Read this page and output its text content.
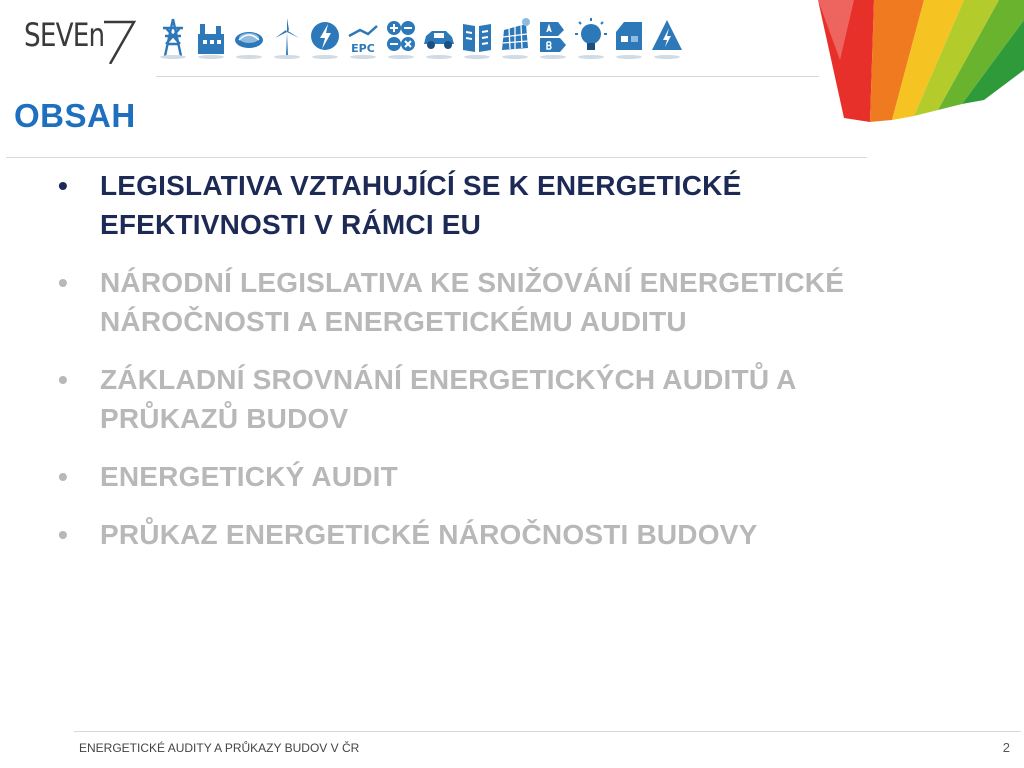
SEVEn	EPC
OBSAH
• LEGISLATIVA VZTAHUJÍCÍ SE K ENERGETICKÉ EFEKTIVNOSTI V RÁMCI EU
• NÁRODNÍ LEGISLATIVA KE SNIŽOVÁNÍ ENERGETICKÉ NÁROČNOSTI A ENERGETICKÉMU AUDITU
• ZÁKLADNÍ SROVNÁNÍ ENERGETICKÝCH AUDITŮ A PRŮKAZŮ BUDOV
• ENERGETICKÝ AUDIT
• PRŮKAZ ENERGETICKÉ NÁROČNOSTI BUDOVY
ENERGETICKÉ AUDITY A PRŮKAZY BUDOV V ČR	2
